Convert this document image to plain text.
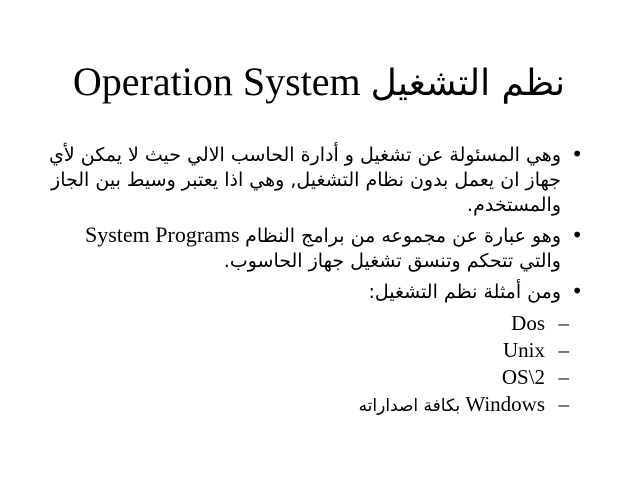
Operation System نظم التشغيل
•
وهي المسئولة عن تشغيل و أدارة الحاسب الالي حيث لا يمكن لأي جهاز ان يعمل بدون نظام التشغيل, وهي اذا يعتبر وسيط بين الجاز والمستخدم.
•
وهو عبارة عن مجموعه من برامج النظام System Programs والتي تتحكم وتنسق تشغيل جهاز الحاسوب.
•
ومن أمثلة نظم التشغيل:
–
Dos
–
Unix
–
OS\2
–
Windows بكافة اصداراته
